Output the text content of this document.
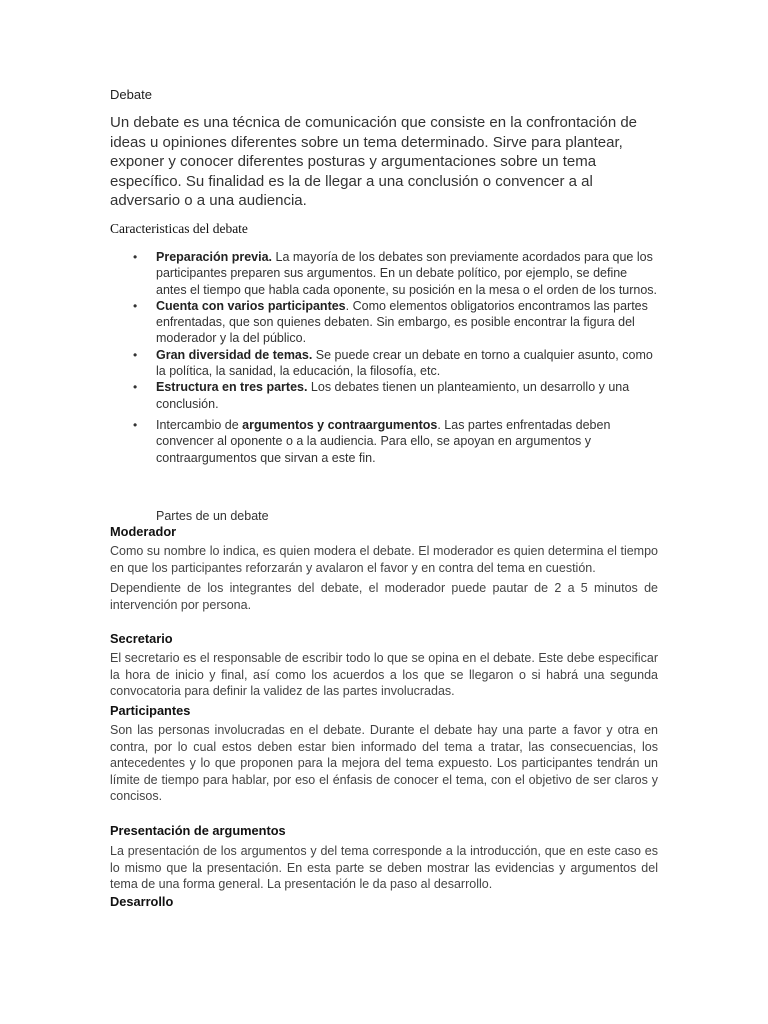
Debate
Un debate es una técnica de comunicación que consiste en la confrontación de ideas u opiniones diferentes sobre un tema determinado. Sirve para plantear, exponer y conocer diferentes posturas y argumentaciones sobre un tema específico. Su finalidad es la de llegar a una conclusión o convencer a al adversario o a una audiencia.
Caracteristicas del debate
• Preparación previa. La mayoría de los debates son previamente acordados para que los participantes preparen sus argumentos. En un debate político, por ejemplo, se define antes el tiempo que habla cada oponente, su posición en la mesa o el orden de los turnos.
• Cuenta con varios participantes. Como elementos obligatorios encontramos las partes enfrentadas, que son quienes debaten. Sin embargo, es posible encontrar la figura del moderador y la del público.
• Gran diversidad de temas. Se puede crear un debate en torno a cualquier asunto, como la política, la sanidad, la educación, la filosofía, etc.
• Estructura en tres partes. Los debates tienen un planteamiento, un desarrollo y una conclusión.
• Intercambio de argumentos y contraargumentos. Las partes enfrentadas deben convencer al oponente o a la audiencia. Para ello, se apoyan en argumentos y contraargumentos que sirvan a este fin.
Partes de un debate
Moderador
Como su nombre lo indica, es quien modera el debate. El moderador es quien determina el tiempo en que los participantes reforzarán y avalaron el favor y en contra del tema en cuestión.
Dependiente de los integrantes del debate, el moderador puede pautar de 2 a 5 minutos de intervención por persona.
Secretario
El secretario es el responsable de escribir todo lo que se opina en el debate. Este debe especificar la hora de inicio y final, así como los acuerdos a los que se llegaron o si habrá una segunda convocatoria para definir la validez de las partes involucradas.
Participantes
Son las personas involucradas en el debate. Durante el debate hay una parte a favor y otra en contra, por lo cual estos deben estar bien informado del tema a tratar, las consecuencias, los antecedentes y lo que proponen para la mejora del tema expuesto. Los participantes tendrán un límite de tiempo para hablar, por eso el énfasis de conocer el tema, con el objetivo de ser claros y concisos.
Presentación de argumentos
La presentación de los argumentos y del tema corresponde a la introducción, que en este caso es lo mismo que la presentación. En esta parte se deben mostrar las evidencias y argumentos del tema de una forma general. La presentación le da paso al desarrollo.
Desarrollo
